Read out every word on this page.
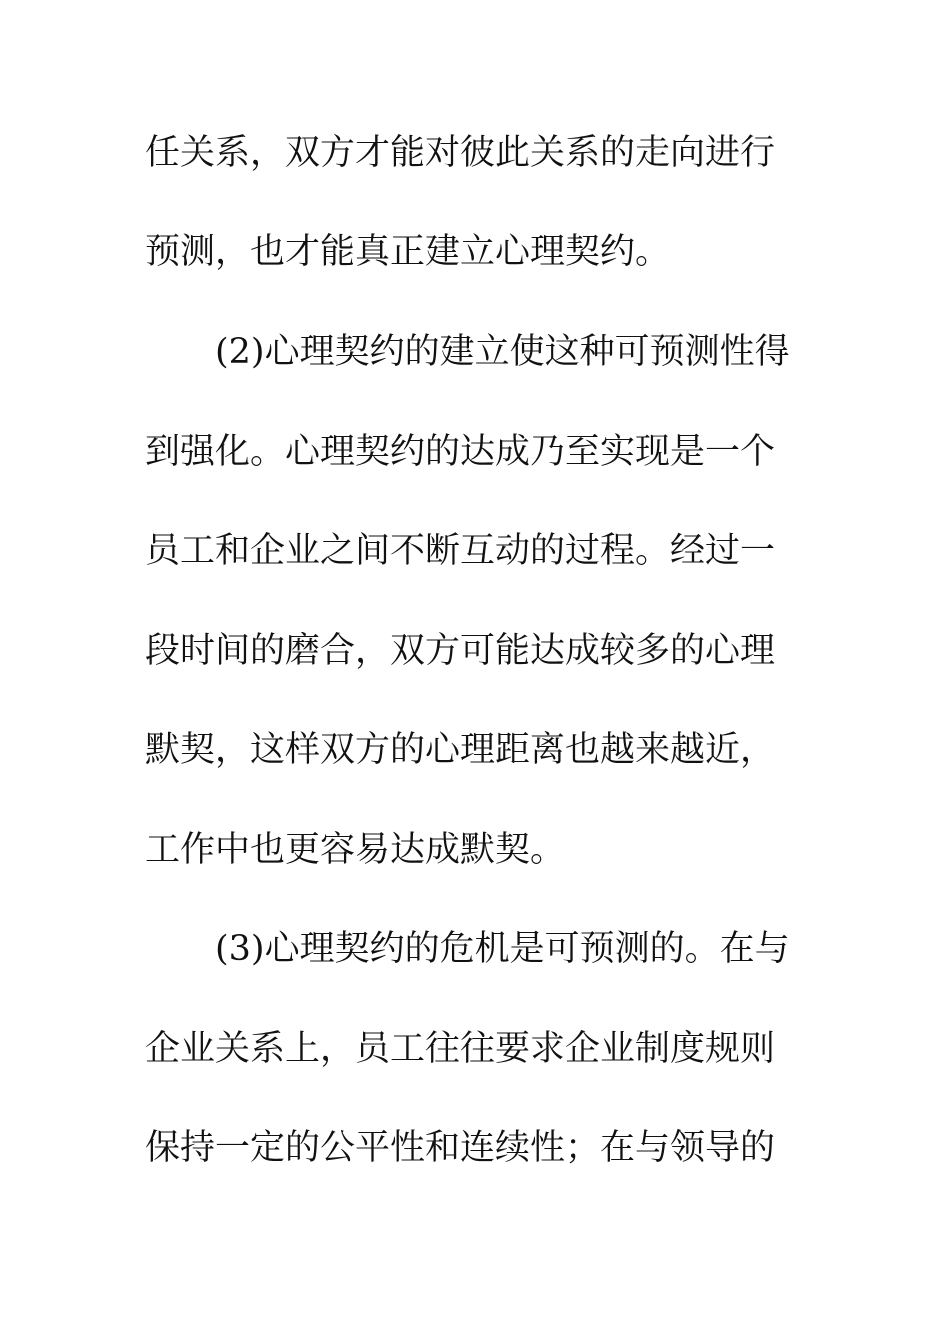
任关系，双方才能对彼此关系的走向进行

预测，也才能真正建立心理契约。

(2)心理契约的建立使这种可预测性得

到强化。心理契约的达成乃至实现是一个

员工和企业之间不断互动的过程。经过一

段时间的磨合，双方可能达成较多的心理

默契，这样双方的心理距离也越来越近，

工作中也更容易达成默契。

(3)心理契约的危机是可预测的。在与

企业关系上，员工往往要求企业制度规则

保持一定的公平性和连续性；在与领导的
